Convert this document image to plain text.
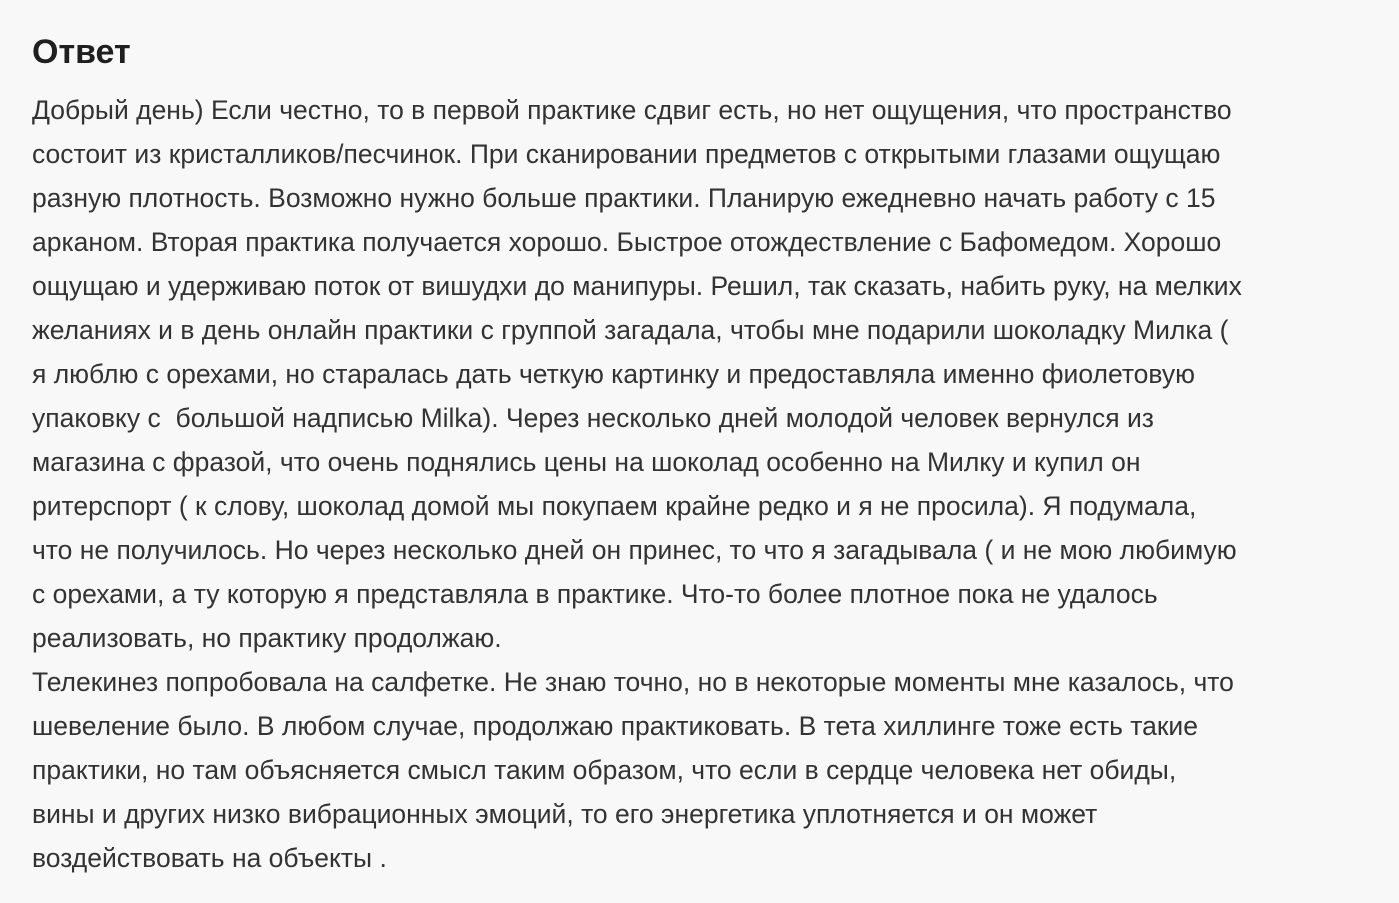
Ответ
Добрый день) Если честно, то в первой практике сдвиг есть, но нет ощущения, что пространство
состоит из кристалликов/песчинок. При сканировании предметов с открытыми глазами ощущаю
разную плотность. Возможно нужно больше практики. Планирую ежедневно начать работу с 15
арканом. Вторая практика получается хорошо. Быстрое отождествление с Бафомедом. Хорошо
ощущаю и удерживаю поток от вишудхи до манипуры. Решил, так сказать, набить руку, на мелких
желаниях и в день онлайн практики с группой загадала, чтобы мне подарили шоколадку Милка (
я люблю с орехами, но старалась дать четкую картинку и предоставляла именно фиолетовую
упаковку с  большой надписью Milka). Через несколько дней молодой человек вернулся из
магазина с фразой, что очень поднялись цены на шоколад особенно на Милку и купил он
ритерспорт ( к слову, шоколад домой мы покупаем крайне редко и я не просила). Я подумала,
что не получилось. Но через несколько дней он принес, то что я загадывала ( и не мою любимую
с орехами, а ту которую я представляла в практике. Что-то более плотное пока не удалось
реализовать, но практику продолжаю.
Телекинез попробовала на салфетке. Не знаю точно, но в некоторые моменты мне казалось, что
шевеление было. В любом случае, продолжаю практиковать. В тета хиллинге тоже есть такие
практики, но там объясняется смысл таким образом, что если в сердце человека нет обиды,
вины и других низко вибрационных эмоций, то его энергетика уплотняется и он может
воздействовать на объекты .
